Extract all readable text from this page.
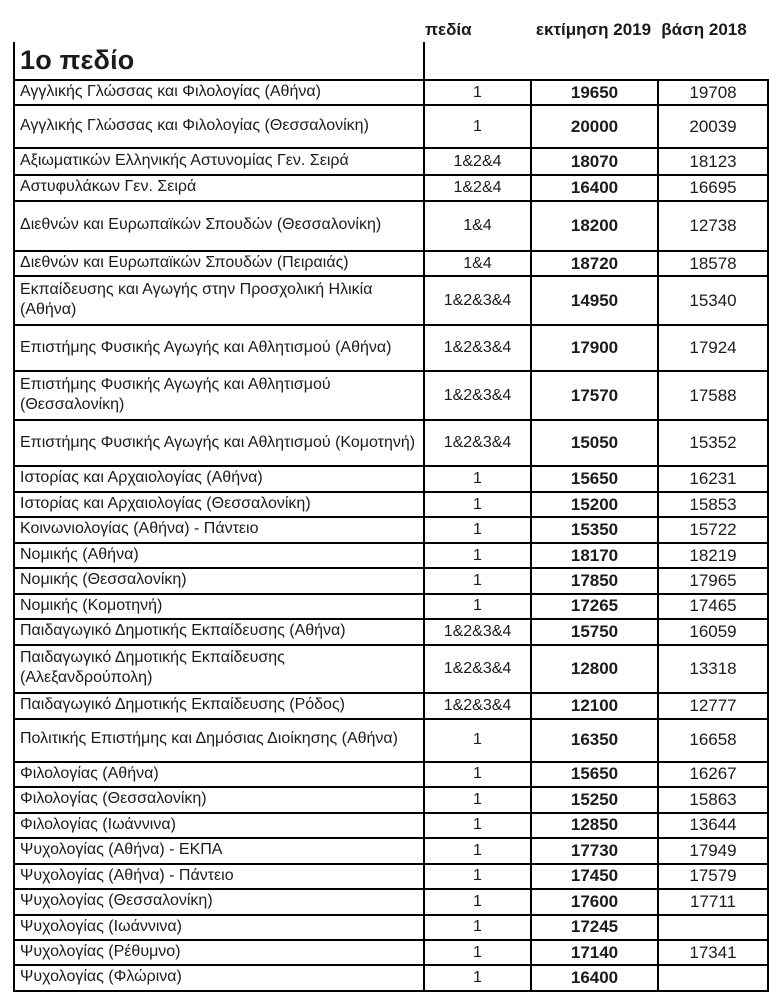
πεδία	εκτίμηση 2019 βάση 2018
1ο πεδίο			
Αγγλικής Γλώσσας και Φιλολογίας (Αθήνα)	1	19650	19708
Αγγλικής Γλώσσας και Φιλολογίας (Θεσσαλονίκη)	1	20000	20039
Αξιωματικών Ελληνικής Αστυνομίας Γεν. Σειρά	1&2&4	18070	18123
Αστυφυλάκων Γεν. Σειρά	1&2&4	16400	16695
Διεθνών και Ευρωπαϊκών Σπουδών (Θεσσαλονίκη)	1&4	18200	12738
Διεθνών και Ευρωπαϊκών Σπουδών (Πειραιάς)	1&4	18720	18578
Εκπαίδευσης και Αγωγής στην Προσχολική Ηλικία (Αθήνα)	1&2&3&4	14950	15340
Επιστήμης Φυσικής Αγωγής και Αθλητισμού (Αθήνα)	1&2&3&4	17900	17924
Επιστήμης Φυσικής Αγωγής και Αθλητισμού (Θεσσαλονίκη)	1&2&3&4	17570	17588
Επιστήμης Φυσικής Αγωγής και Αθλητισμού (Κομοτηνή)	1&2&3&4	15050	15352
Ιστορίας και Αρχαιολογίας (Αθήνα)	1	15650	16231
Ιστορίας και Αρχαιολογίας (Θεσσαλονίκη)	1	15200	15853
Κοινωνιολογίας (Αθήνα) - Πάντειο	1	15350	15722
Νομικής (Αθήνα)	1	18170	18219
Νομικής (Θεσσαλονίκη)	1	17850	17965
Νομικής (Κομοτηνή)	1	17265	17465
Παιδαγωγικό Δημοτικής Εκπαίδευσης (Αθήνα)	1&2&3&4	15750	16059
Παιδαγωγικό Δημοτικής Εκπαίδευσης (Αλεξανδρούπολη)	1&2&3&4	12800	13318
Παιδαγωγικό Δημοτικής Εκπαίδευσης (Ρόδος)	1&2&3&4	12100	12777
Πολιτικής Επιστήμης και Δημόσιας Διοίκησης (Αθήνα)	1	16350	16658
Φιλολογίας (Αθήνα)	1	15650	16267
Φιλολογίας (Θεσσαλονίκη)	1	15250	15863
Φιλολογίας (Ιωάννινα)	1	12850	13644
Ψυχολογίας (Αθήνα) - ΕΚΠΑ	1	17730	17949
Ψυχολογίας (Αθήνα) - Πάντειο	1	17450	17579
Ψυχολογίας (Θεσσαλονίκη)	1	17600	17711
Ψυχολογίας (Ιωάννινα)	1	17245	
Ψυχολογίας (Ρέθυμνο)	1	17140	17341
Ψυχολογίας (Φλώρινα)	1	16400	
